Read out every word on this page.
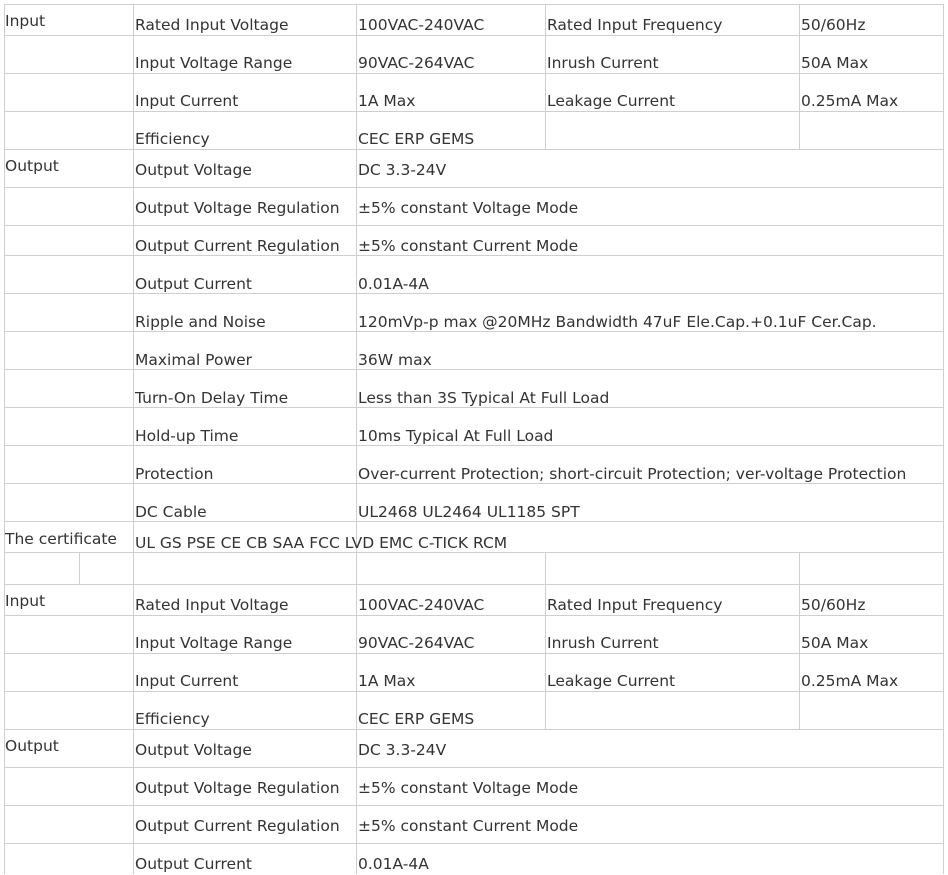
Input	Rated Input Voltage	100VAC-240VAC	Rated Input Frequency	50/60Hz
Input Voltage Range	90VAC-264VAC	Inrush Current	50A Max
Input Current	1A Max	Leakage Current	0.25mA Max
Efficiency	CEC ERP GEMS
Output	Output Voltage	DC 3.3-24V
Output Voltage Regulation ±5% constant Voltage Mode
Output Current Regulation ±5% constant Current Mode
Output Current	0.01A-4A
Ripple and Noise	120mVp-p max @20MHz Bandwidth 47uF Ele.Cap.+0.1uF Cer.Cap.
Maximal Power	36W max
Turn-On Delay Time	Less than 3S Typical At Full Load
Hold-up Time	10ms Typical At Full Load
Protection	Over-current Protection; short-circuit Protection; ver-voltage Protection
DC Cable	UL2468 UL2464 UL1185 SPT
The certificate UL GS PSE CE CB SAA FCC LVD EMC C-TICK RCM
Input	Rated Input Voltage	100VAC-240VAC	Rated Input Frequency	50/60Hz
Input Voltage Range	90VAC-264VAC	Inrush Current	50A Max
Input Current	1A Max	Leakage Current	0.25mA Max
Efficiency	CEC ERP GEMS
Output	Output Voltage	DC 3.3-24V
Output Voltage Regulation ±5% constant Voltage Mode
Output Current Regulation ±5% constant Current Mode
Output Current	0.01A-4A
